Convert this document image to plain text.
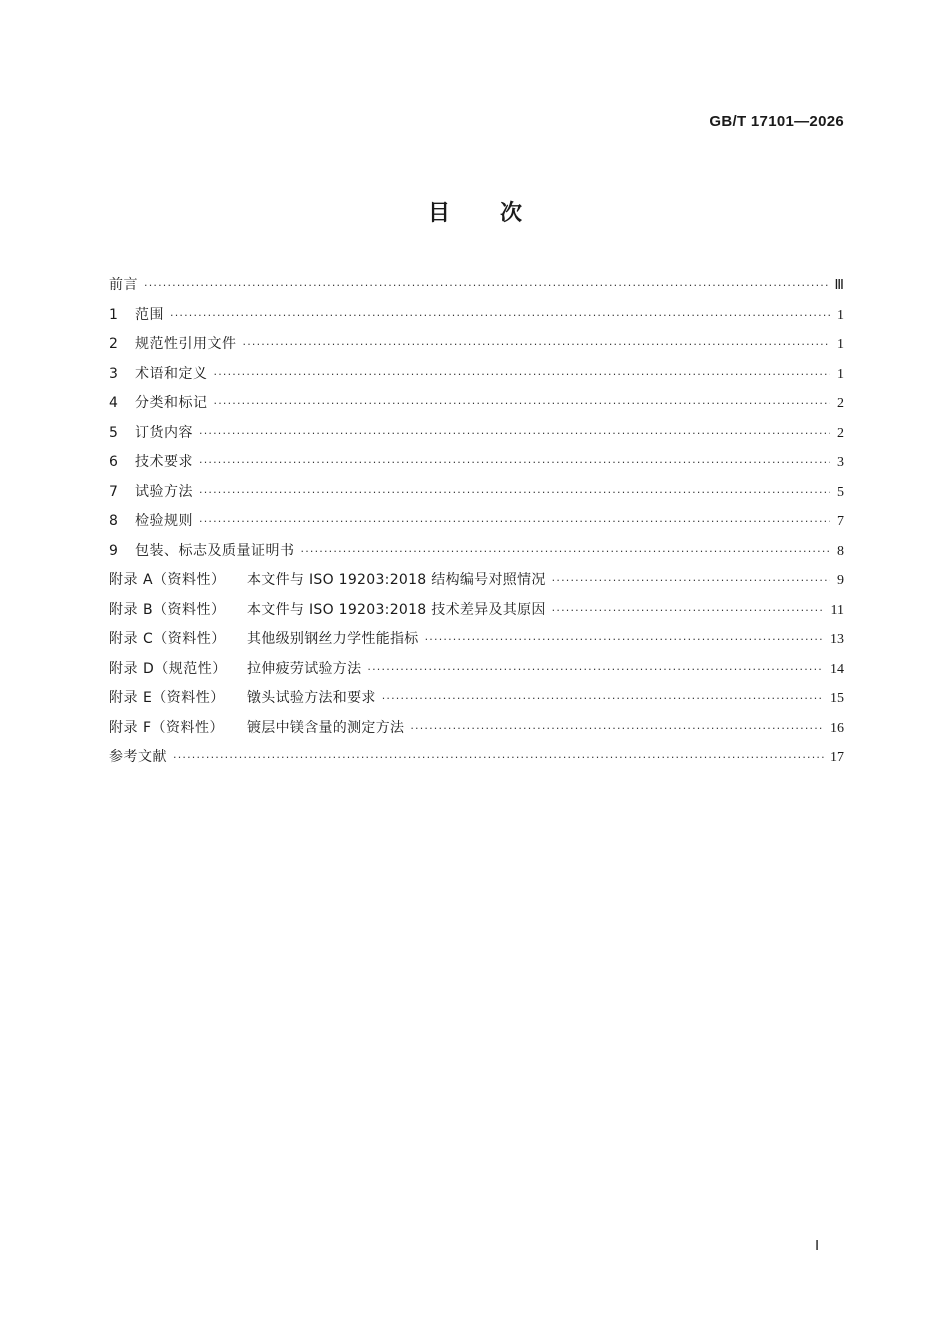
GB/T 17101—2026
目 次
前言 ·····	Ⅲ
1	范围 ·····	1
2	规范性引用文件 ·····	1
3	术语和定义 ·····	1
4	分类和标记 ·····	2
5	订货内容 ·····	2
6	技术要求 ·····	3
7	试验方法 ·····	5
8	检验规则 ·····	7
9	包装、标志及质量证明书 ·····	8
附录 A（资料性）	本文件与 ISO 19203:2018 结构编号对照情况 ·····	9
附录 B（资料性）	本文件与 ISO 19203:2018 技术差异及其原因 ·····	11
附录 C（资料性）	其他级别钢丝力学性能指标 ·····	13
附录 D（规范性）	拉伸疲劳试验方法 ·····	14
附录 E（资料性）	镦头试验方法和要求 ·····	15
附录 F（资料性）	镀层中镁含量的测定方法 ·····	16
参考文献 ·····	17
Ⅰ
